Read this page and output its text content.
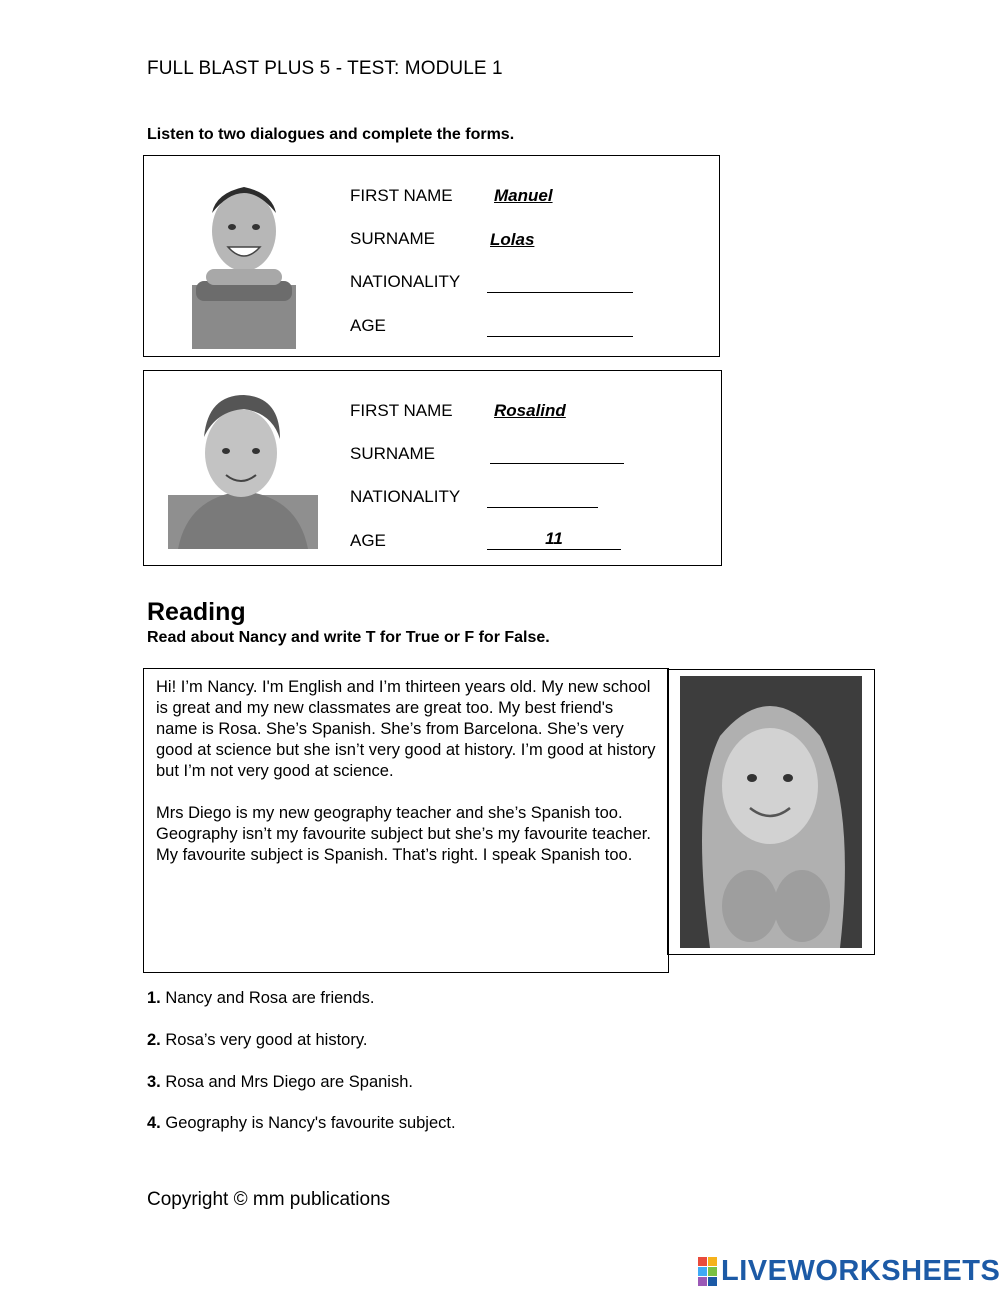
FULL BLAST PLUS 5 - TEST: MODULE 1
Listen to two dialogues and complete the forms.
FIRST NAME Manuel
SURNAME	Lolas
NATIONALITY
AGE
FIRST NAME Rosalind
SURNAME
NATIONALITY
AGE	11
Reading
Read about Nancy and write T for True or F for False.

Hi! I’m Nancy. I'm English and I’m thirteen years old. My new school is great and my new classmates are great too. My best friend's name is Rosa. She’s Spanish. She’s from Barcelona. She’s very good at science but she isn’t very good at history. I’m good at history but I’m not very good at science.

Mrs Diego is my new geography teacher and she’s Spanish too. Geography isn’t my favourite subject but she’s my favourite teacher. My favourite subject is Spanish. That’s right. I speak Spanish too.

1. Nancy and Rosa are friends.
2. Rosa’s very good at history.
3. Rosa and Mrs Diego are Spanish.
4. Geography is Nancy's favourite subject.
Copyright © mm publications
LIVEWORKSHEETS
